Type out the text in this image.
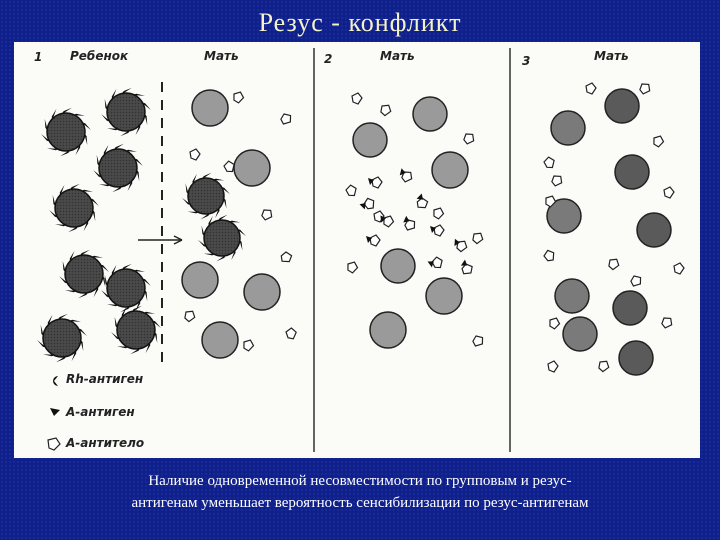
Резус - конфликт
1 Ребенок	Мать	2	Мать	3	Мать
Rh-антиген
А-антиген
А-антитело
Наличие одновременной несовместимости по групповым и резус-
антигенам уменьшает вероятность сенсибилизации по резус-антигенам
